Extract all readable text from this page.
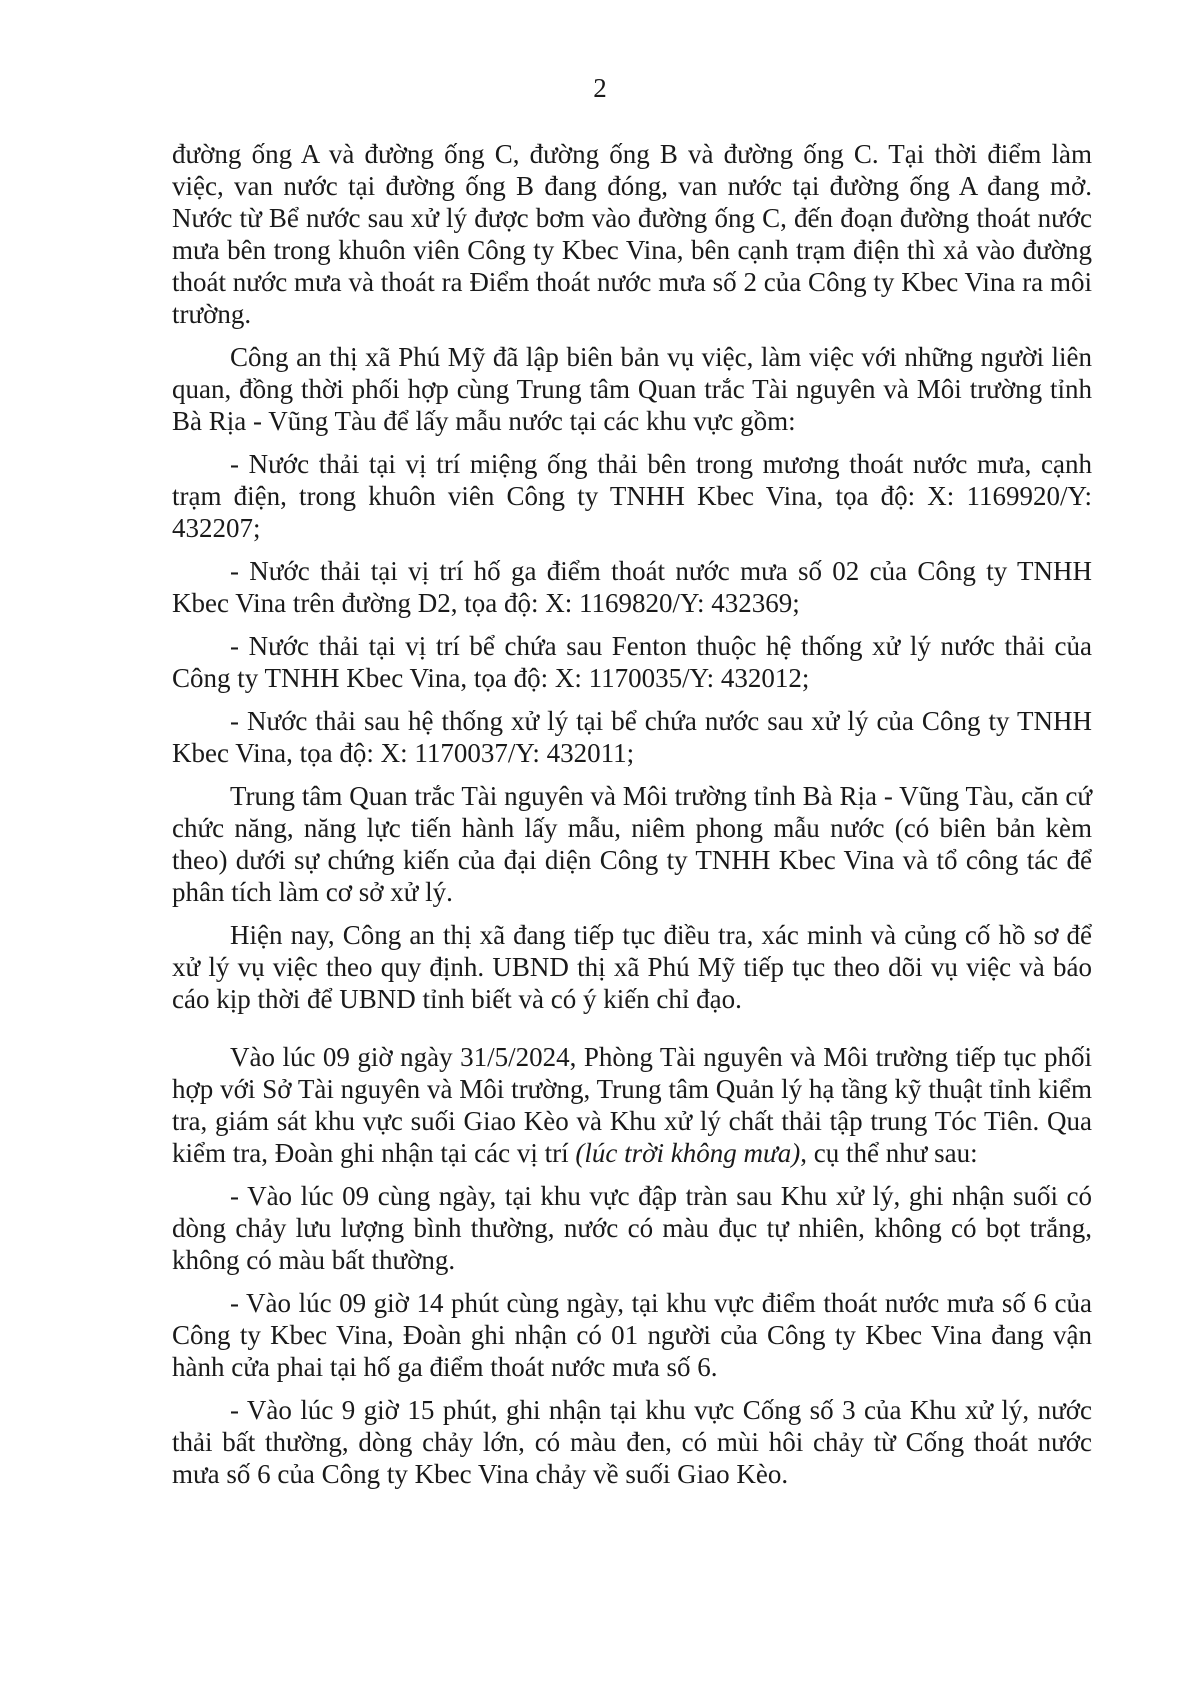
2

đường ống A và đường ống C, đường ống B và đường ống C. Tại thời điểm làm việc, van nước tại đường ống B đang đóng, van nước tại đường ống A đang mở. Nước từ Bể nước sau xử lý được bơm vào đường ống C, đến đoạn đường thoát nước mưa bên trong khuôn viên Công ty Kbec Vina, bên cạnh trạm điện thì xả vào đường thoát nước mưa và thoát ra Điểm thoát nước mưa số 2 của Công ty Kbec Vina ra môi trường.

Công an thị xã Phú Mỹ đã lập biên bản vụ việc, làm việc với những người liên quan, đồng thời phối hợp cùng Trung tâm Quan trắc Tài nguyên và Môi trường tỉnh Bà Rịa - Vũng Tàu để lấy mẫu nước tại các khu vực gồm:

- Nước thải tại vị trí miệng ống thải bên trong mương thoát nước mưa, cạnh trạm điện, trong khuôn viên Công ty TNHH Kbec Vina, tọa độ: X: 1169920/Y: 432207;

- Nước thải tại vị trí hố ga điểm thoát nước mưa số 02 của Công ty TNHH Kbec Vina trên đường D2, tọa độ: X: 1169820/Y: 432369;

- Nước thải tại vị trí bể chứa sau Fenton thuộc hệ thống xử lý nước thải của Công ty TNHH Kbec Vina, tọa độ: X: 1170035/Y: 432012;

- Nước thải sau hệ thống xử lý tại bể chứa nước sau xử lý của Công ty TNHH Kbec Vina, tọa độ: X: 1170037/Y: 432011;

Trung tâm Quan trắc Tài nguyên và Môi trường tỉnh Bà Rịa - Vũng Tàu, căn cứ chức năng, năng lực tiến hành lấy mẫu, niêm phong mẫu nước (có biên bản kèm theo) dưới sự chứng kiến của đại diện Công ty TNHH Kbec Vina và tổ công tác để phân tích làm cơ sở xử lý.

Hiện nay, Công an thị xã đang tiếp tục điều tra, xác minh và củng cố hồ sơ để xử lý vụ việc theo quy định. UBND thị xã Phú Mỹ tiếp tục theo dõi vụ việc và báo cáo kịp thời để UBND tỉnh biết và có ý kiến chỉ đạo.

Vào lúc 09 giờ ngày 31/5/2024, Phòng Tài nguyên và Môi trường tiếp tục phối hợp với Sở Tài nguyên và Môi trường, Trung tâm Quản lý hạ tầng kỹ thuật tỉnh kiểm tra, giám sát khu vực suối Giao Kèo và Khu xử lý chất thải tập trung Tóc Tiên. Qua kiểm tra, Đoàn ghi nhận tại các vị trí (lúc trời không mưa), cụ thể như sau:

- Vào lúc 09 cùng ngày, tại khu vực đập tràn sau Khu xử lý, ghi nhận suối có dòng chảy lưu lượng bình thường, nước có màu đục tự nhiên, không có bọt trắng, không có màu bất thường.

- Vào lúc 09 giờ 14 phút cùng ngày, tại khu vực điểm thoát nước mưa số 6 của Công ty Kbec Vina, Đoàn ghi nhận có 01 người của Công ty Kbec Vina đang vận hành cửa phai tại hố ga điểm thoát nước mưa số 6.

- Vào lúc 9 giờ 15 phút, ghi nhận tại khu vực Cống số 3 của Khu xử lý, nước thải bất thường, dòng chảy lớn, có màu đen, có mùi hôi chảy từ Cống thoát nước mưa số 6 của Công ty Kbec Vina chảy về suối Giao Kèo.
